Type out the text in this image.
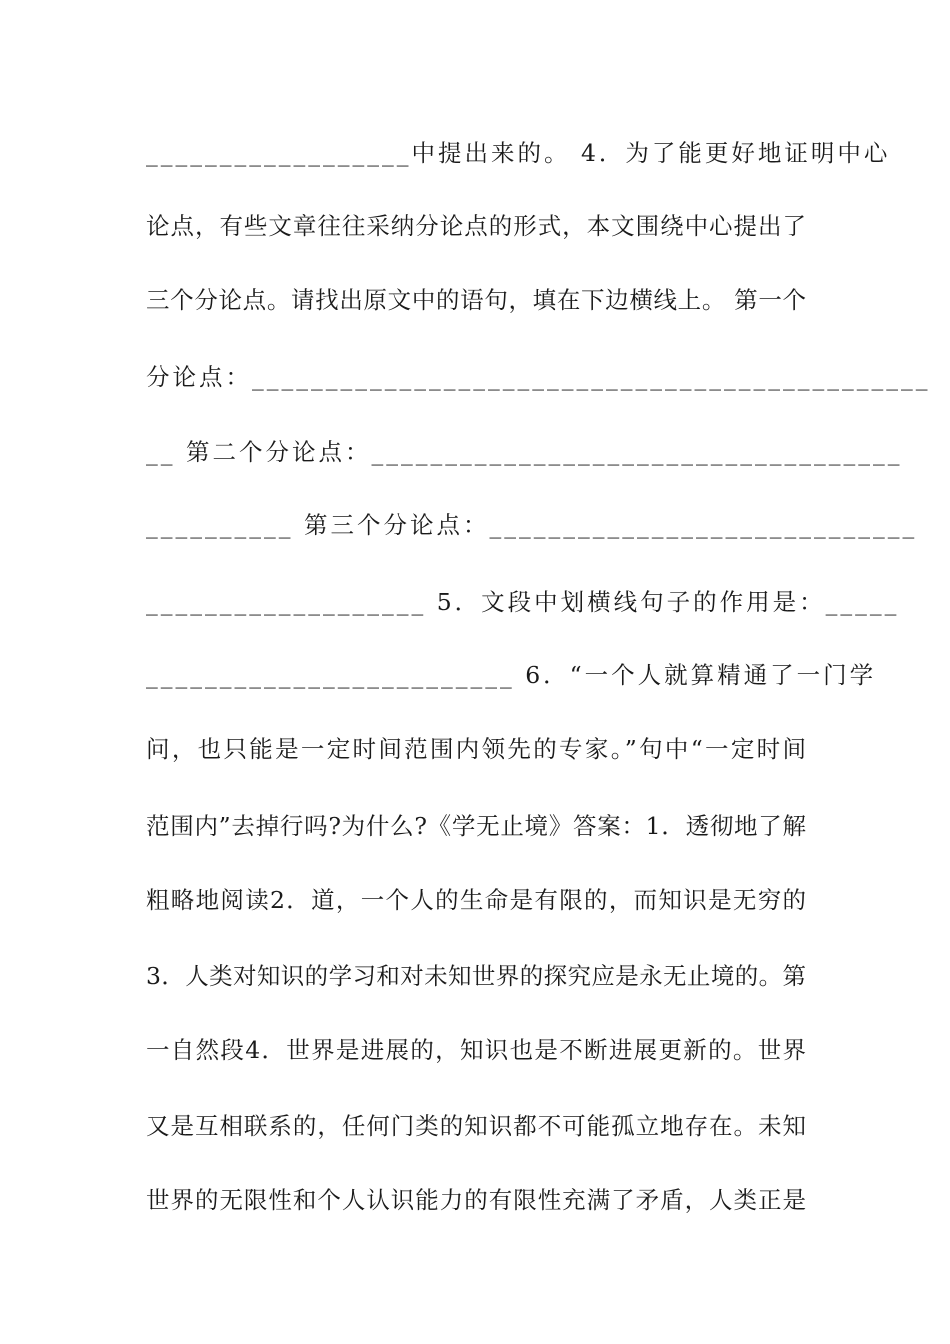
__________________中提出来的。 4．为了能更好地证明中心
论点，有些文章往往采纳分论点的形式，本文围绕中心提出了
三个分论点。请找出原文中的语句，填在下边横线上。 第一个
分论点：______________________________________________
__ 第二个分论点：____________________________________
__________ 第三个分论点：_____________________________
___________________ 5．文段中划横线句子的作用是：_____
_________________________ 6．“一个人就算精通了一门学
问，也只能是一定时间范围内领先的专家。”句中“一定时间
范围内”去掉行吗?为什么?《学无止境》答案：1．透彻地了解
粗略地阅读2．道，一个人的生命是有限的，而知识是无穷的
3．人类对知识的学习和对未知世界的探究应是永无止境的。第
一自然段4．世界是进展的，知识也是不断进展更新的。世界
又是互相联系的，任何门类的知识都不可能孤立地存在。未知
世界的无限性和个人认识能力的有限性充满了矛盾，人类正是
